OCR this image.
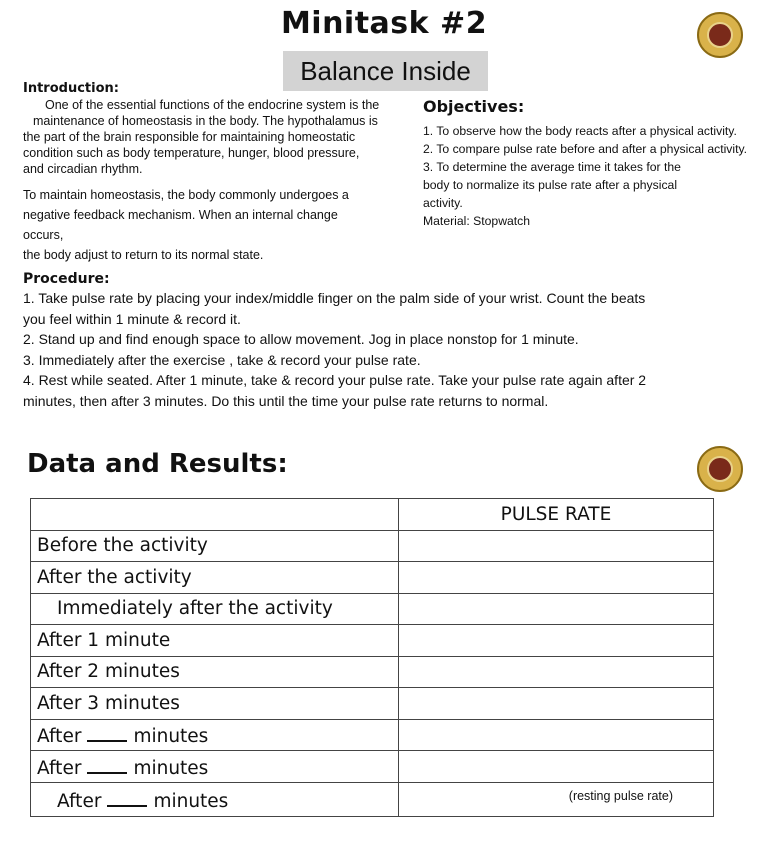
Minitask #2
Balance Inside
Introduction:
One of the essential functions of the endocrine system is the
maintenance of homeostasis in the body. The hypothalamus is
the part of the brain responsible for maintaining homeostatic
condition such as body temperature, hunger, blood pressure,
and circadian rhythm.
To maintain homeostasis, the body commonly undergoes a
negative feedback mechanism. When an internal change
occurs,
the body adjust to return to its normal state.
Objectives:
1. To observe how the body reacts after a physical activity.
2. To compare pulse rate before and after a physical activity.
3. To determine the average time it takes for the
body to normalize its pulse rate after a physical
activity.
Material: Stopwatch
Procedure:
1. Take pulse rate by placing your index/middle finger on the palm side of your wrist. Count the beats
you feel within 1 minute & record it.
2. Stand up and find enough space to allow movement. Jog in place nonstop for 1 minute.
3. Immediately after the exercise , take & record your pulse rate.
4. Rest while seated. After 1 minute, take & record your pulse rate. Take your pulse rate again after 2
minutes, then after 3 minutes. Do this until the time your pulse rate returns to normal.
Data and Results:
	PULSE RATE
Before the activity	
After the activity	
Immediately after the activity	
After 1 minute	
After 2 minutes	
After 3 minutes	
After minutes	
After minutes	
After minutes	(resting pulse rate)
